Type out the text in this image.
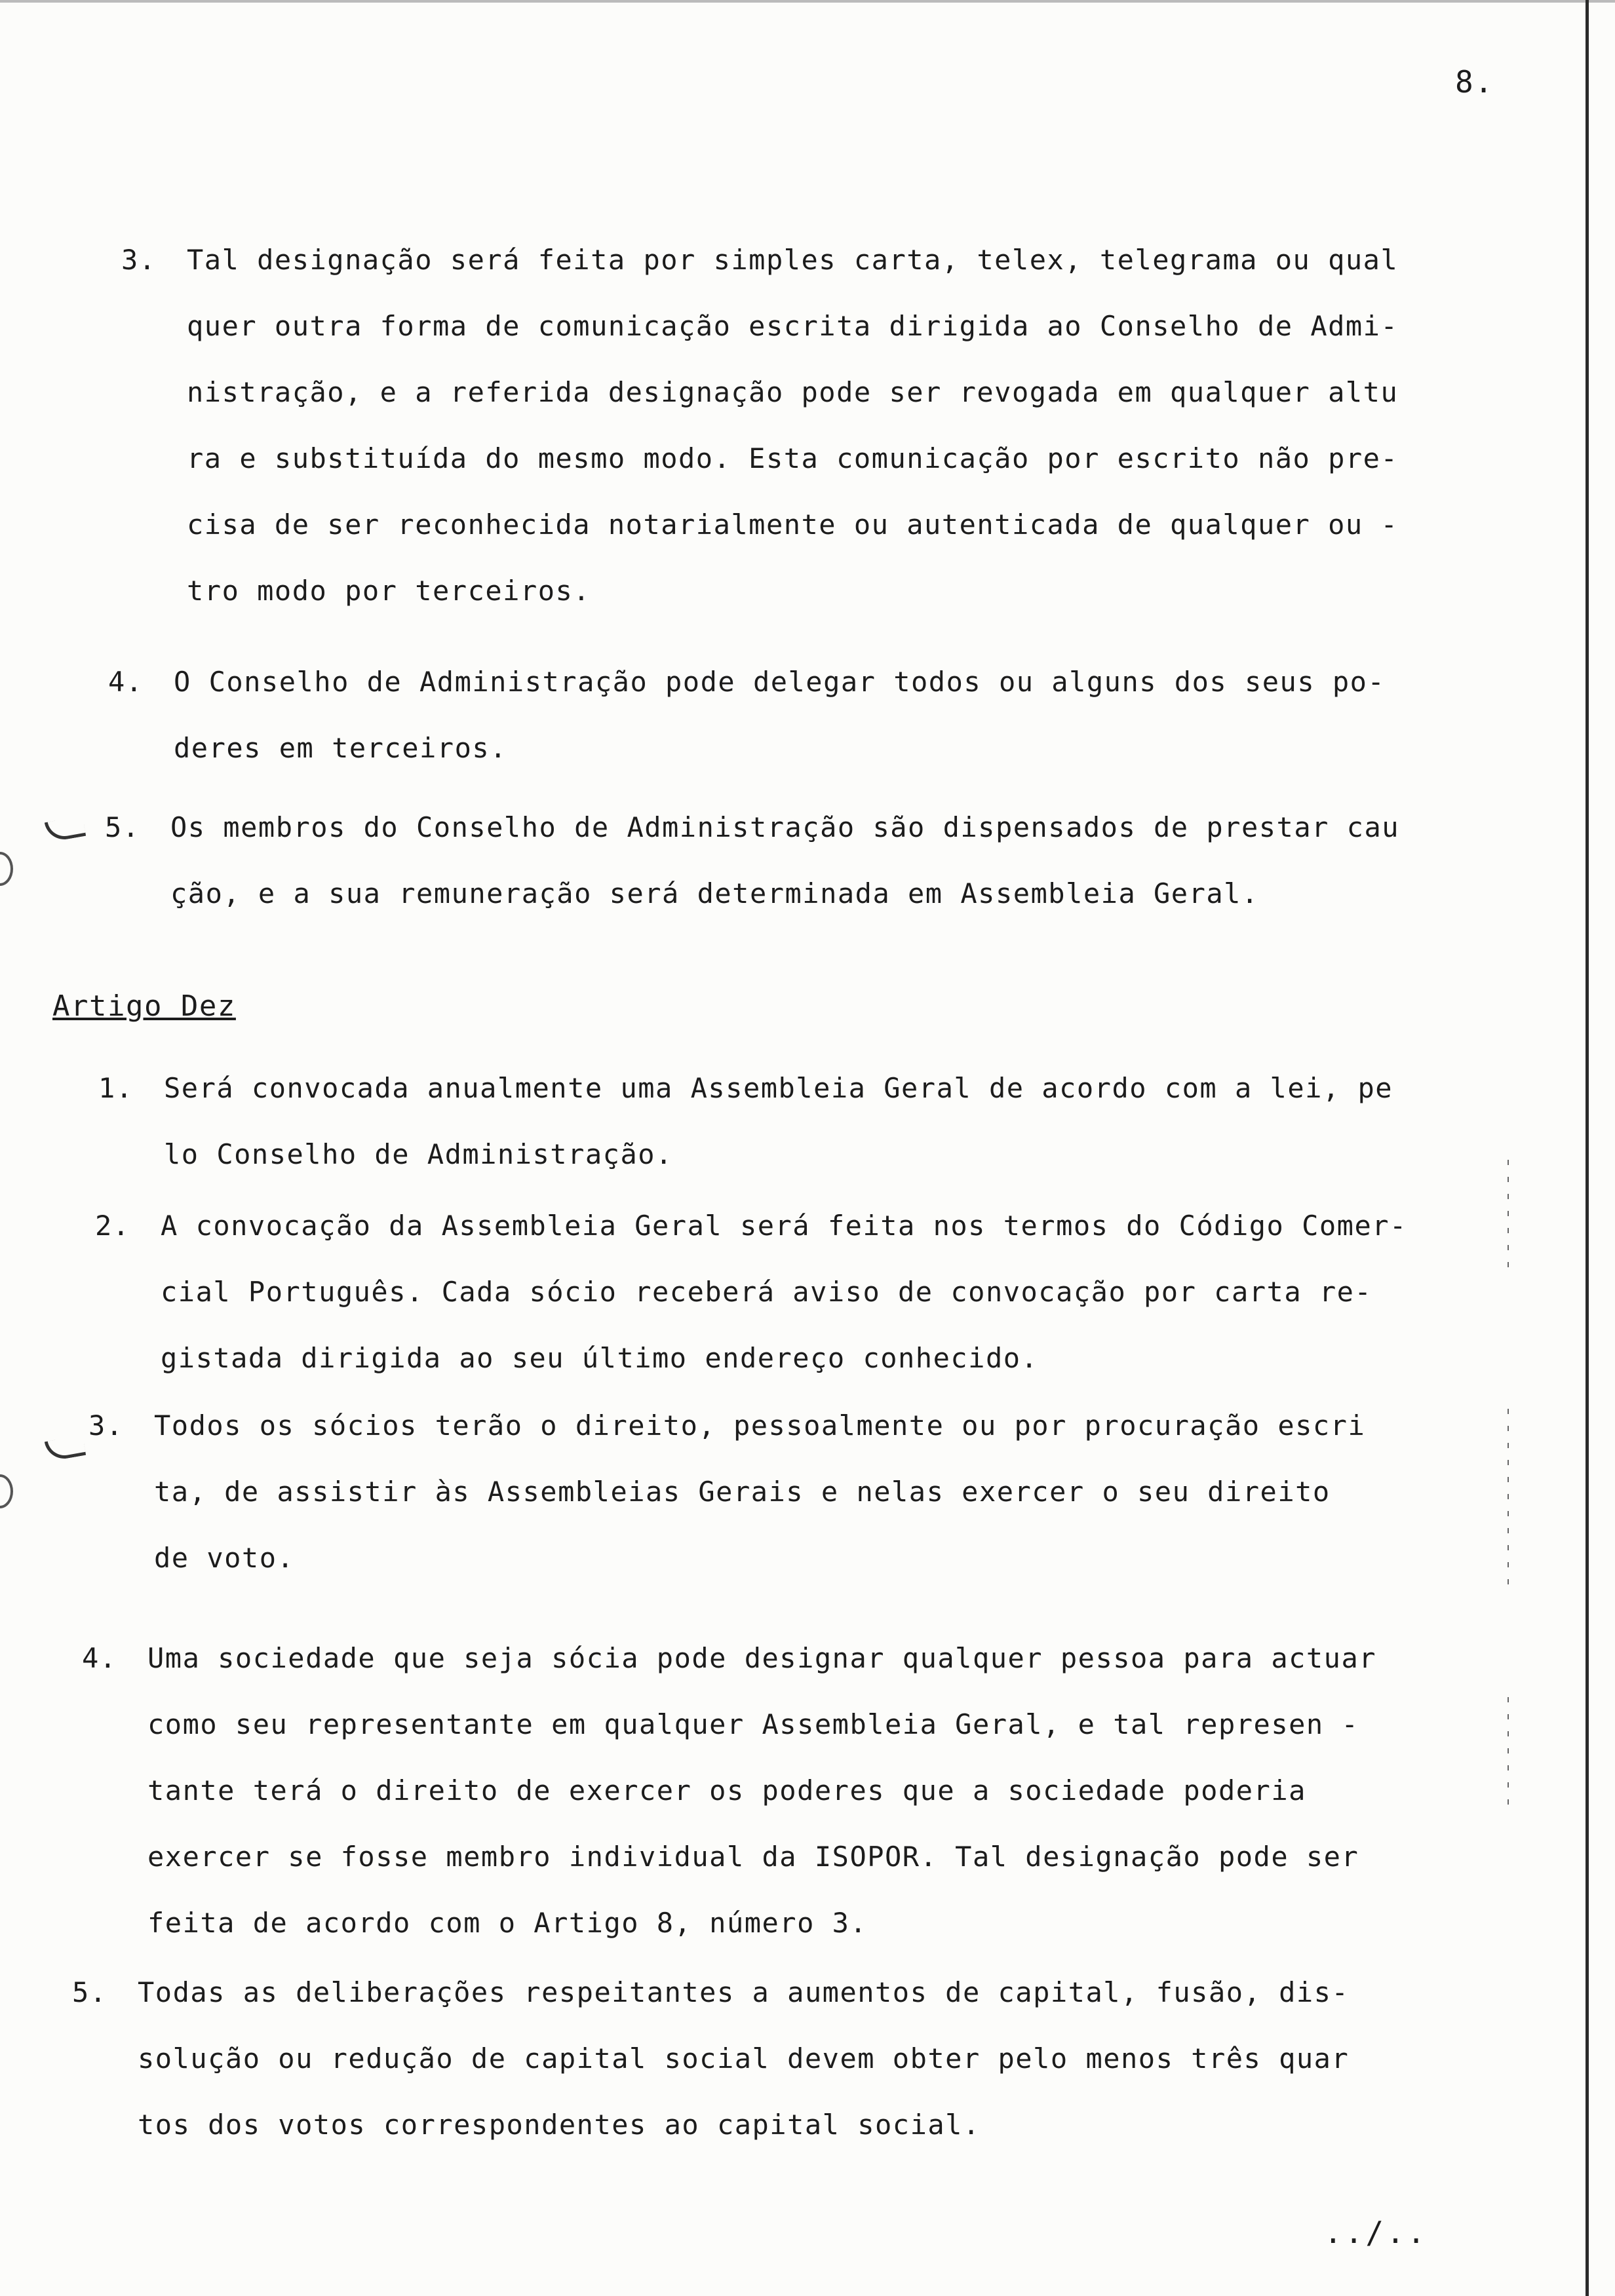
8.
3. Tal designação será feita por simples carta, telex, telegrama ou qual
quer outra forma de comunicação escrita dirigida ao Conselho de Admi-
nistração, e a referida designação pode ser revogada em qualquer altu
ra e substituída do mesmo modo. Esta comunicação por escrito não pre-
cisa de ser reconhecida notarialmente ou autenticada de qualquer ou -
tro modo por terceiros.
4. O Conselho de Administração pode delegar todos ou alguns dos seus po-
deres em terceiros.
5. Os membros do Conselho de Administração são dispensados de prestar cau
ção, e a sua remuneração será determinada em Assembleia Geral.
Artigo Dez
1. Será convocada anualmente uma Assembleia Geral de acordo com a lei, pe
lo Conselho de Administração.
2. A convocação da Assembleia Geral será feita nos termos do Código Comer-
cial Português. Cada sócio receberá aviso de convocação por carta re-
gistada dirigida ao seu último endereço conhecido.
3. Todos os sócios terão o direito, pessoalmente ou por procuração escri
ta, de assistir às Assembleias Gerais e nelas exercer o seu direito
de voto.
4. Uma sociedade que seja sócia pode designar qualquer pessoa para actuar
como seu representante em qualquer Assembleia Geral, e tal represen -
tante terá o direito de exercer os poderes que a sociedade poderia
exercer se fosse membro individual da ISOPOR. Tal designação pode ser
feita de acordo com o Artigo 8, número 3.
5. Todas as deliberações respeitantes a aumentos de capital, fusão, dis-
solução ou redução de capital social devem obter pelo menos três quar
tos dos votos correspondentes ao capital social.
../..
